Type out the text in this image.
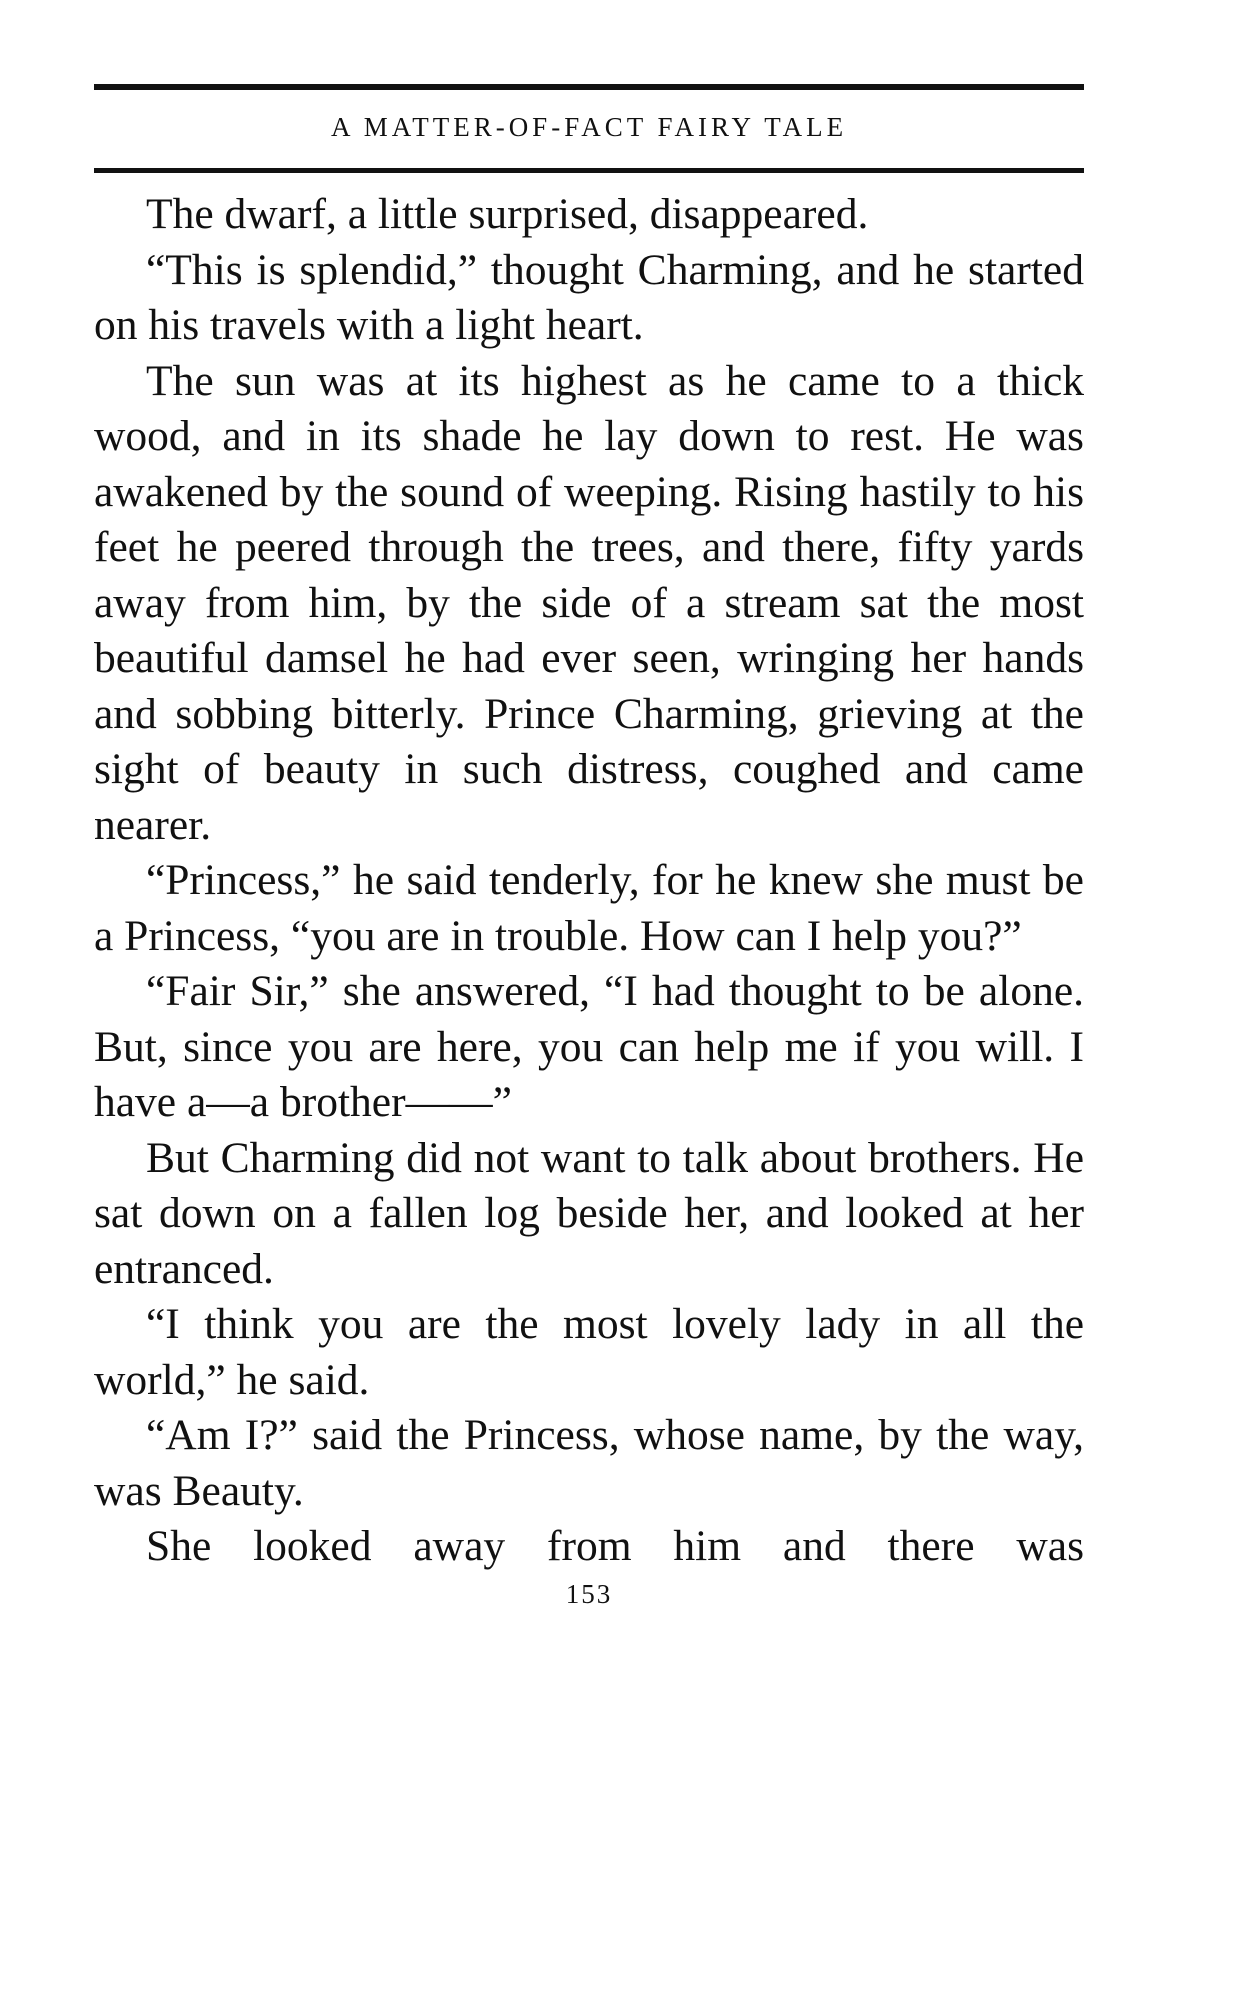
A MATTER-OF-FACT FAIRY TALE

The dwarf, a little surprised, disappeared.

“This is splendid,” thought Charming, and he started on his travels with a light heart.

The sun was at its highest as he came to a thick wood, and in its shade he lay down to rest. He was awakened by the sound of weeping. Rising hastily to his feet he peered through the trees, and there, fifty yards away from him, by the side of a stream sat the most beautiful damsel he had ever seen, wringing her hands and sobbing bitterly. Prince Charming, grieving at the sight of beauty in such distress, coughed and came nearer.

“Princess,” he said tenderly, for he knew she must be a Princess, “you are in trouble. How can I help you?”

“Fair Sir,” she answered, “I had thought to be alone. But, since you are here, you can help me if you will. I have a—a brother——”

But Charming did not want to talk about brothers. He sat down on a fallen log beside her, and looked at her entranced.

“I think you are the most lovely lady in all the world,” he said.

“Am I?” said the Princess, whose name, by the way, was Beauty.

She looked away from him and there was

153
